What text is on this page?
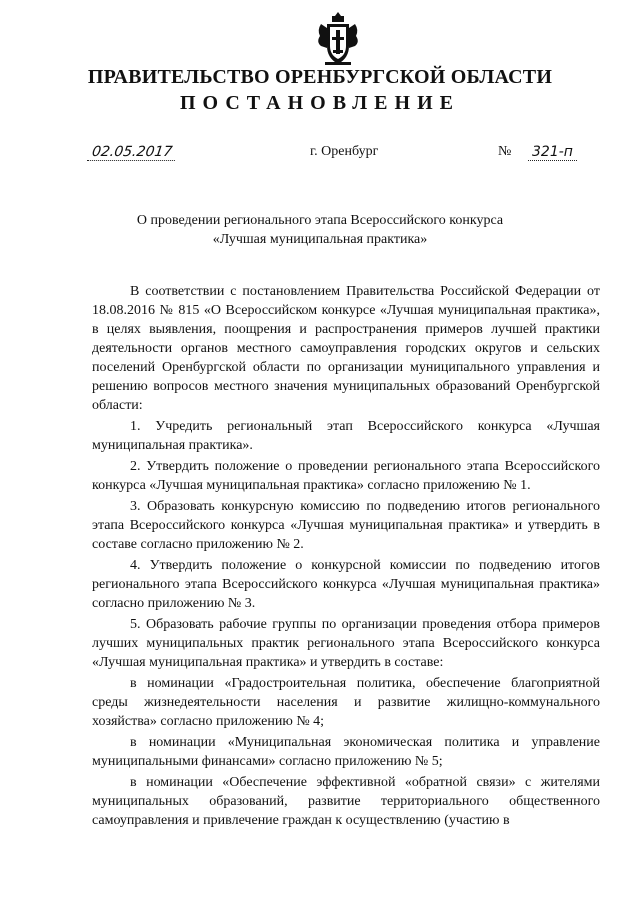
ПРАВИТЕЛЬСТВО ОРЕНБУРГСКОЙ ОБЛАСТИ
ПОСТАНОВЛЕНИЕ
02.05.2017	г. Оренбург	№ 321-п
О проведении регионального этапа Всероссийского конкурса
«Лучшая муниципальная практика»

В соответствии с постановлением Правительства Российской Федерации от 18.08.2016 № 815 «О Всероссийском конкурсе «Лучшая муниципальная практика», в целях выявления, поощрения и распространения примеров лучшей практики деятельности органов местного самоуправления городских округов и сельских поселений Оренбургской области по организации муниципального управления и решению вопросов местного значения муниципальных образований Оренбургской области:

1. Учредить региональный этап Всероссийского конкурса «Лучшая муниципальная практика».

2. Утвердить положение о проведении регионального этапа Всероссийского конкурса «Лучшая муниципальная практика» согласно приложению № 1.

3. Образовать конкурсную комиссию по подведению итогов регионального этапа Всероссийского конкурса «Лучшая муниципальная практика» и утвердить в составе согласно приложению № 2.

4. Утвердить положение о конкурсной комиссии по подведению итогов регионального этапа Всероссийского конкурса «Лучшая муниципальная практика» согласно приложению № 3.

5. Образовать рабочие группы по организации проведения отбора примеров лучших муниципальных практик регионального этапа Всероссийского конкурса «Лучшая муниципальная практика» и утвердить в составе:

в номинации «Градостроительная политика, обеспечение благоприятной среды жизнедеятельности населения и развитие жилищно-коммунального хозяйства» согласно приложению № 4;

в номинации «Муниципальная экономическая политика и управление муниципальными финансами» согласно приложению № 5;

в номинации «Обеспечение эффективной «обратной связи» с жителями муниципальных образований, развитие территориального общественного самоуправления и привлечение граждан к осуществлению (участию в
